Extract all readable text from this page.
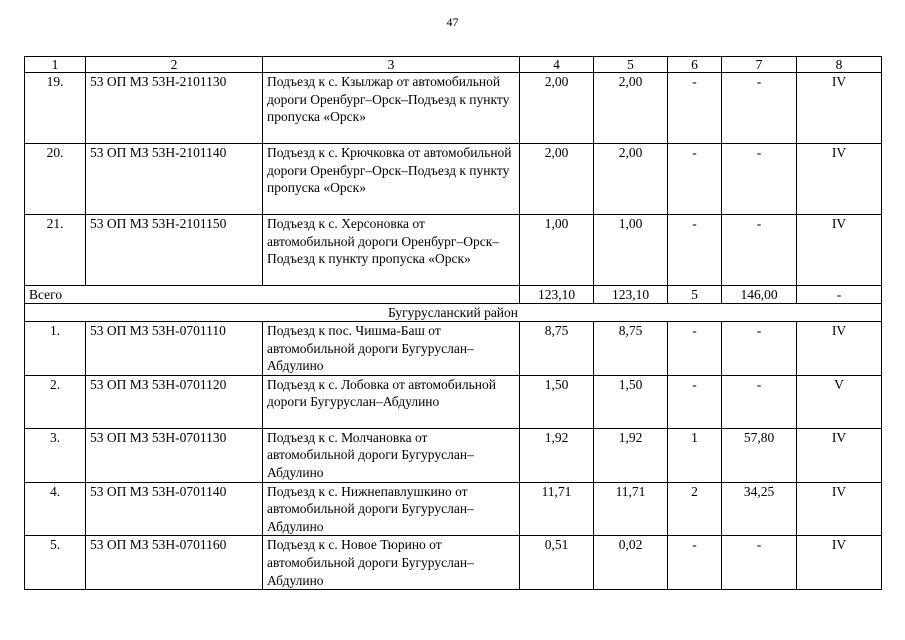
47
1	2	3	4	5	6	7	8
19.	53 ОП МЗ 53Н-2101130	Подъезд к с. Кзылжар от автомобильной дороги Оренбург–Орск–Подъезд к пункту пропуска «Орск»	2,00	2,00	-	-	IV
20.	53 ОП МЗ 53Н-2101140	Подъезд к с. Крючковка от автомобильной дороги Оренбург–Орск–Подъезд к пункту пропуска «Орск»	2,00	2,00	-	-	IV
21.	53 ОП МЗ 53Н-2101150	Подъезд к с. Херсоновка от автомобильной дороги Оренбург–Орск–Подъезд к пункту пропуска «Орск»	1,00	1,00	-	-	IV
Всего			123,10	123,10	5	146,00	-
Бугурусланский район							
1.	53 ОП МЗ 53Н-0701110	Подъезд к пос. Чишма-Баш от автомобильной дороги Бугуруслан–Абдулино	8,75	8,75	-	-	IV
2.	53 ОП МЗ 53Н-0701120	Подъезд к с. Лобовка от автомобильной дороги Бугуруслан–Абдулино	1,50	1,50	-	-	V
3.	53 ОП МЗ 53Н-0701130	Подъезд к с. Молчановка от автомобильной дороги Бугуруслан–Абдулино	1,92	1,92	1	57,80	IV
4.	53 ОП МЗ 53Н-0701140	Подъезд к с. Нижнепавлушкино от автомобильной дороги Бугуруслан–Абдулино	11,71	11,71	2	34,25	IV
5.	53 ОП МЗ 53Н-0701160	Подъезд к с. Новое Тюрино от автомобильной дороги Бугуруслан–Абдулино	0,51	0,02	-	-	IV
